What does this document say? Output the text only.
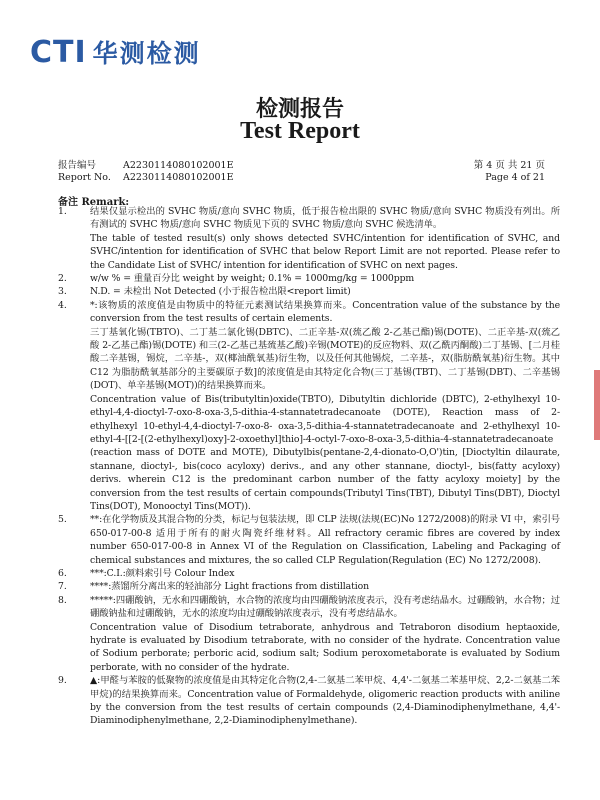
CTI 华测检测
检测报告
Test Report
报告编号	A2230114080102001E	第 4 页 共 21 页
Report No. A2230114080102001E	Page 4 of 21
备注 Remark:
1.	结果仅显示检出的 SVHC 物质/意向 SVHC 物质，低于报告检出限的 SVHC 物质/意向 SVHC 物质没有列出。所有测试的 SVHC 物质/意向 SVHC 物质见下页的 SVHC 物质/意向 SVHC 候选清单。

The table of tested result(s) only shows detected SVHC/intention for identification of SVHC, and SVHC/intention for identification of SVHC that below Report Limit are not reported. Please refer to the Candidate List of SVHC/ intention for identification of SVHC on next pages.

2.	w/w % = 重量百分比 weight by weight; 0.1% = 1000mg/kg = 1000ppm

3.	N.D. = 未检出 Not Detected (小于报告检出限<report limit)

4.	*:该物质的浓度值是由物质中的特征元素测试结果换算而来。Concentration value of the substance by the conversion from the test results of certain elements.

三丁基氧化锡(TBTO)、二丁基二氯化锡(DBTC)、二正辛基-双(巯乙酸 2-乙基己酯)锡(DOTE)、二正辛基-双(巯乙酸 2-乙基己酯)锡(DOTE) 和三(2-乙基己基巯基乙酸)辛锡(MOTE)的反应物料、双(乙酰丙酮酸)二丁基锡、[二月桂酸二辛基锡，锡烷，二辛基-，双(椰油酰氧基)衍生物，以及任何其他锡烷，二辛基-，双(脂肪酰氧基)衍生物。其中 C12 为脂肪酰氧基部分的主要碳原子数]的浓度值是由其特定化合物(三丁基锡(TBT)、二丁基锡(DBT)、二辛基锡(DOT)、单辛基锡(MOT))的结果换算而来。

Concentration value of Bis(tributyltin)oxide(TBTO), Dibutyltin dichloride (DBTC), 2-ethylhexyl 10-ethyl-4,4-dioctyl-7-oxo-8-oxa-3,5-dithia-4-stannatetradecanoate (DOTE), Reaction mass of 2-ethylhexyl 10-ethyl-4,4-dioctyl-7-oxo-8- oxa-3,5-dithia-4-stannatetradecanoate and 2-ethylhexyl 10-ethyl-4-[[2-[(2-ethylhexyl)oxy]-2-oxoethyl]thio]-4-octyl-7-oxo-8-oxa-3,5-dithia-4-stannatetradecanoate (reaction mass of DOTE and MOTE), Dibutylbis(pentane-2,4-dionato-O,O')tin, [Dioctyltin dilaurate, stannane, dioctyl-, bis(coco acyloxy) derivs., and any other stannane, dioctyl-, bis(fatty acyloxy) derivs. wherein C12 is the predominant carbon number of the fatty acyloxy moiety] by the conversion from the test results of certain compounds(Tributyl Tins(TBT), Dibutyl Tins(DBT), Dioctyl Tins(DOT), Monooctyl Tins(MOT)).

5.	**:在化学物质及其混合物的分类，标记与包装法规，即 CLP 法规(法规(EC)No 1272/2008)的附录 VI 中，索引号 650-017-00-8 适用于所有的耐火陶瓷纤维材料。All refractory ceramic fibres are covered by index number 650-017-00-8 in Annex VI of the Regulation on Classification, Labeling and Packaging of chemical substances and mixtures, the so called CLP Regulation(Regulation (EC) No 1272/2008).

6.	***:C.I.:颜料索引号 Colour Index

7.	****:蒸馏所分离出来的轻油部分 Light fractions from distillation

8.	*****:四硼酸钠，无水和四硼酸钠，水合物的浓度均由四硼酸钠浓度表示，没有考虑结晶水。过硼酸钠，水合物；过硼酸钠盐和过硼酸钠，无水的浓度均由过硼酸钠浓度表示，没有考虑结晶水。

Concentration value of Disodium tetraborate, anhydrous and Tetraboron disodium heptaoxide, hydrate is evaluated by Disodium tetraborate, with no consider of the hydrate. Concentration value of Sodium perborate; perboric acid, sodium salt; Sodium peroxometaborate is evaluated by Sodium perborate, with no consider of the hydrate.

9.	▲:甲醛与苯胺的低聚物的浓度值是由其特定化合物(2,4-二氨基二苯甲烷、4,4'-二氨基二苯基甲烷、2,2-二氨基二苯甲烷)的结果换算而来。Concentration value of Formaldehyde, oligomeric reaction products with aniline by the conversion from the test results of certain compounds (2,4-Diaminodiphenylmethane, 4,4'- Diaminodiphenylmethane, 2,2-Diaminodiphenylmethane).
